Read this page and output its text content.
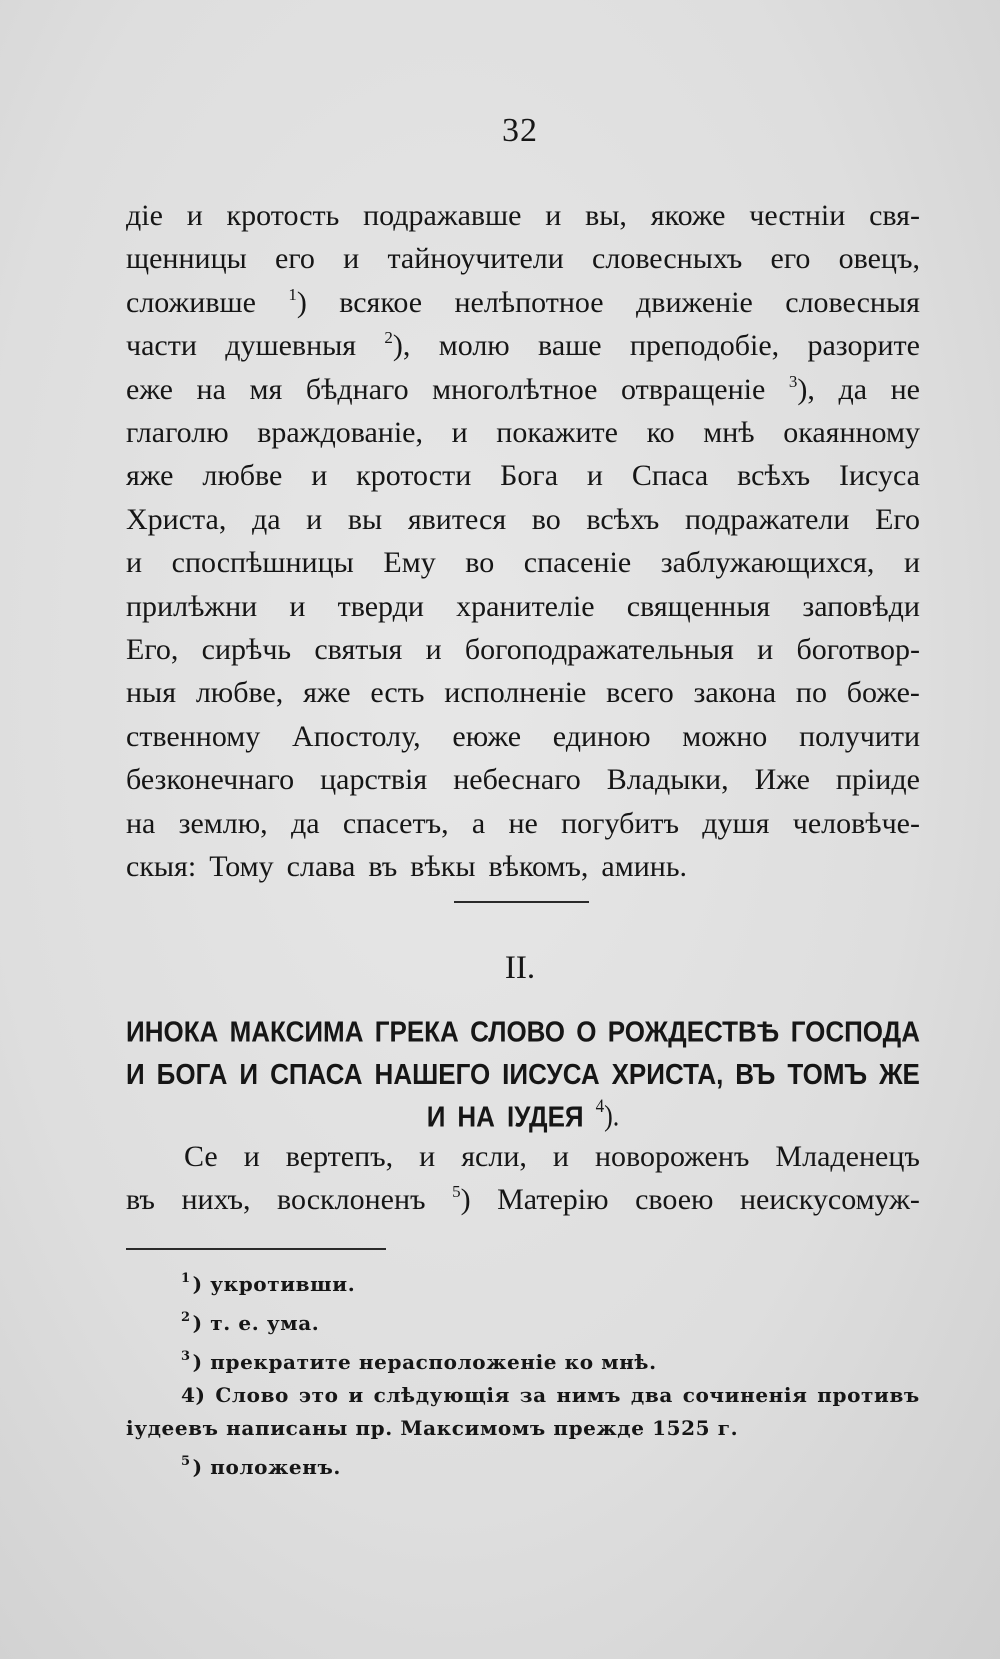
32
діе и кротость подражавше и вы, якоже честніи свя-
щенницы его и тайноучители словесныхъ его овецъ,
сложивше $^1$) всякое нелѣпотное движеніе словесныя
части душевныя $^2$), молю ваше преподобіе, разорите
еже на мя бѣднаго многолѣтное отвращеніе $^3$), да не
глаголю враждованіе, и покажите ко мнѣ окаянному
яже любве и кротости Бога и Спаса всѣхъ Іисуса
Христа, да и вы явитеся во всѣхъ подражатели Его
и споспѣшницы Ему во спасеніе заблужающихся, и
прилѣжни и тверди хранителіе священныя заповѣди
Его, сирѣчь святыя и богоподражательныя и боготвор-
ныя любве, яже есть исполненіе всего закона по боже-
ственному Апостолу, еюже единою можно получити
безконечнаго царствія небеснаго Владыки, Иже пріиде
на землю, да спасетъ, а не погубитъ душя человѣче-
скыя: Тому слава въ вѣкы вѣкомъ, аминь.
II.
ИНОКА МАКСИМА ГРЕКА СЛОВО О РОЖДЕСТВѢ ГОСПОДА
И БОГА И СПАСА НАШЕГО ІИСУСА ХРИСТА, ВЪ ТОМЪ ЖЕ
И НА ІУДЕЯ $^4$).
Се и вертепъ, и ясли, и новороженъ Младенецъ
въ нихъ, восклоненъ $^5$) Матерію своею неискусомуж-
$^1$ ) укротивши.
$^2$ ) т. е. ума.
$^3$ ) прекратите нерасположеніе ко мнѣ.
4) Слово это и слѣдующія за нимъ два сочиненія противъ
іудеевъ написаны пр. Максимомъ прежде 1525 г.
$^5$ ) положенъ.
